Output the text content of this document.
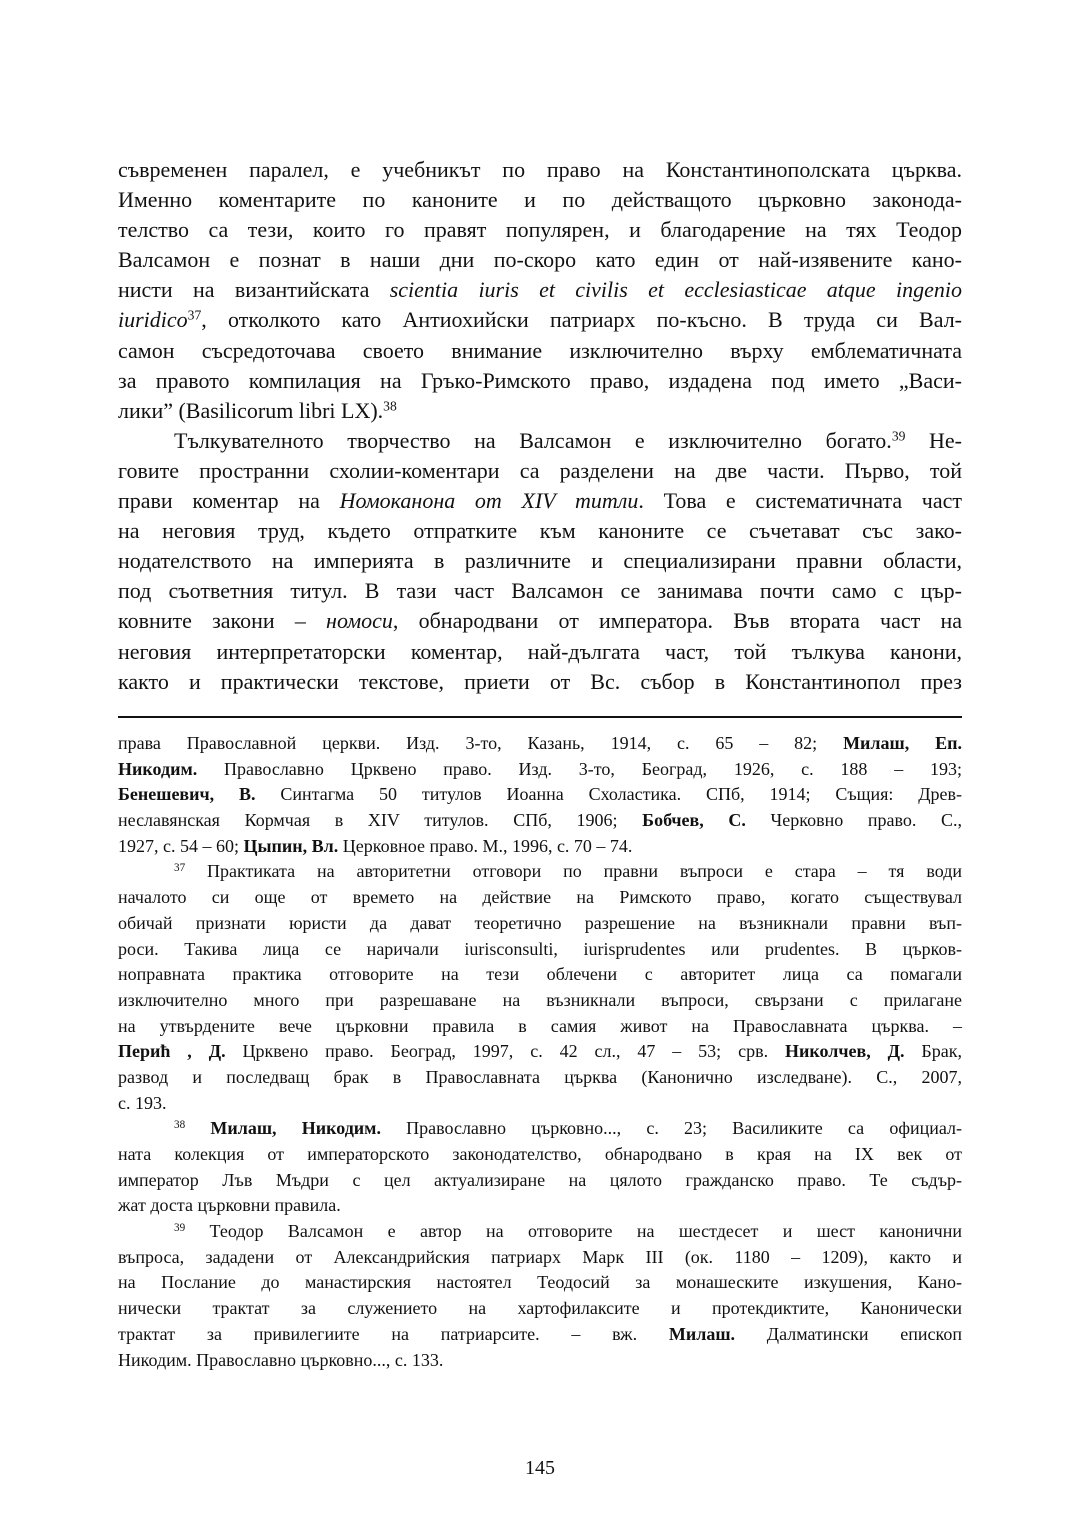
съвременен паралел, е учебникът по право на Константинополската църква.
Именно коментарите по каноните и по действащото църковно законода-
телство са тези, които го правят популярен, и благодарение на тях Теодор
Валсамон е познат в наши дни по-скоро като един от най-изявените кано-
нисти на византийската scientia iuris et civilis et ecclesiasticae atque ingenio
iuridico$^{37}$, отколкото като Антиохийски патриарх по-късно. В труда си Вал-
самон съсредоточава своето внимание изключително върху емблематичната
за правото компилация на Гръко-Римското право, издадена под името „Васи-
лики” (Basilicorum libri LX).$^{38}$
Тълкувателното творчество на Валсамон е изключително богато.$^{39}$ Не-
говите пространни схолии-коментари са разделени на две части. Първо, той
прави коментар на Номоканона от XIV титли. Това е систематичната част
на неговия труд, където отпратките към каноните се съчетават със зако-
нодателството на империята в различните и специализирани правни области,
под съответния титул. В тази част Валсамон се занимава почти само с цър-
ковните закони – номоси, обнародвани от императора. Във втората част на
неговия интерпретаторски коментар, най-дългата част, той тълкува канони,
както и практически текстове, приети от Вс. събор в Константинопол през
права Православной церкви. Изд. 3-то, Казань, 1914, с. 65 – 82; Милаш, Еп.
Никодим. Православно Црквено право. Изд. 3-то, Београд, 1926, с. 188 – 193;
Бенешевич, В. Синтагма 50 титулов Иоанна Схоластика. СПб, 1914; Същия: Древ-
неславянская Кормчая в XIV титулов. СПб, 1906; Бобчев, С. Черковно право. С.,
1927, с. 54 – 60; Цыпин, Вл. Церковное право. М., 1996, с. 70 – 74.
$^{37}$ Практиката на авторитетни отговори по правни въпроси е стара – тя води
началото си още от времето на действие на Римското право, когато съществувал
обичай признати юристи да дават теоретично разрешение на възникнали правни въп-
роси. Такива лица се наричали iurisconsulti, iurisprudentes или prudentes. В църков-
ноправната практика отговорите на тези облечени с авторитет лица са помагали
изключително много при разрешаване на възникнали въпроси, свързани с прилагане
на утвърдените вече църковни правила в самия живот на Православната църква. –
Перић , Д. Црквено право. Београд, 1997, с. 42 сл., 47 – 53; срв. Николчев, Д. Брак,
развод и последващ брак в Православната църква (Канонично изследване). С., 2007,
с. 193.
$^{38}$ Милаш, Никодим. Православно църковно..., с. 23; Василиките са официал-
ната колекция от императорското законодателство, обнародвано в края на IX век от
император Лъв Мъдри с цел актуализиране на цялото гражданско право. Те съдър-
жат доста църковни правила.
$^{39}$ Теодор Валсамон е автор на отговорите на шестдесет и шест канонични
въпроса, зададени от Александрийския патриарх Марк III (ок. 1180 – 1209), както и
на Послание до манастирския настоятел Теодосий за монашеските изкушения, Кано-
нически трактат за служението на хартофилаксите и протекдиктите, Канонически
трактат за привилегиите на патриарсите. – вж. Милаш. Далматински епископ
Никодим. Православно църковно..., с. 133.
145
